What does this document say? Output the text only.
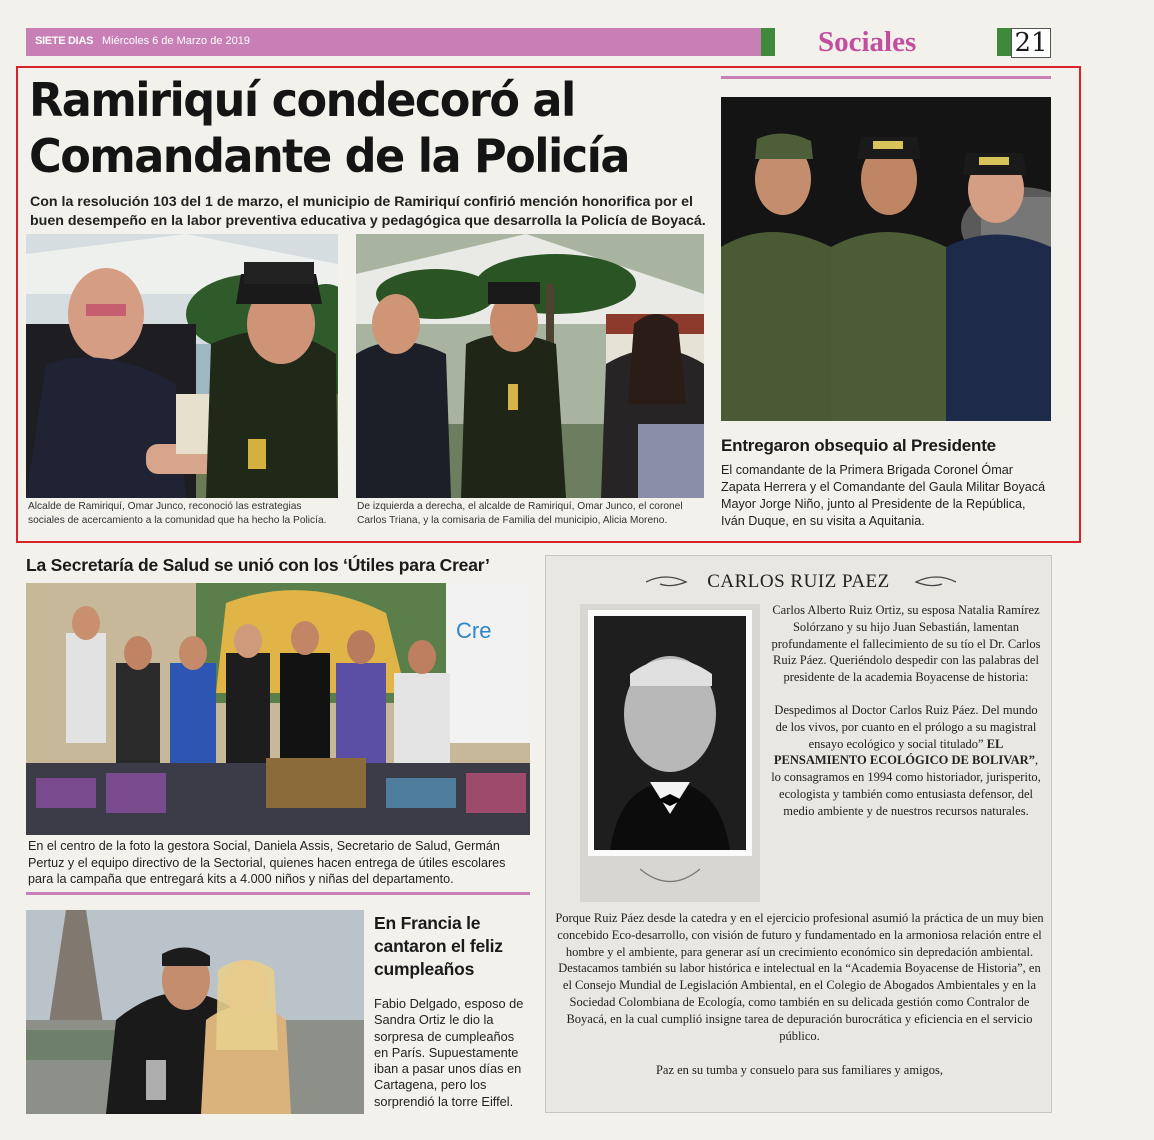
SIETE DIAS Miércoles 6 de Marzo de 2019	Sociales	21
Ramiriquí condecoró al
Comandante de la Policía
Con la resolución 103 del 1 de marzo, el municipio de Ramiriquí confirió mención honorifica por el buen desempeño en la labor preventiva educativa y pedagógica que desarrolla la Policía de Boyacá.
Alcalde de Ramiriquí, Omar Junco, reconoció las estrategias sociales de acercamiento a la comunidad que ha hecho la Policía.
De izquierda a derecha, el alcalde de Ramiriquí, Omar Junco, el coronel Carlos Triana, y la comisaria de Familia del municipio, Alicia Moreno.
Entregaron obsequio al Presidente
El comandante de la Primera Brigada Coronel Ómar Zapata Herrera y el Comandante del Gaula Militar Boyacá Mayor Jorge Niño, junto al Presidente de la República, Iván Duque, en su visita a Aquitania.
La Secretaría de Salud se unió con los ‘Útiles para Crear’
Cre
En el centro de la foto la gestora Social, Daniela Assis, Secretario de Salud, Germán Pertuz y el equipo directivo de la Sectorial, quienes hacen entrega de útiles escolares para la campaña que entregará kits a 4.000 niños y niñas del departamento.
En Francia le cantaron el feliz cumpleaños
Fabio Delgado, esposo de Sandra Ortiz le dio la sorpresa de cumpleaños en París. Supuestamente iban a pasar unos días en Cartagena, pero los sorprendió la torre Eiffel.
CARLOS RUIZ PAEZ

Carlos Alberto Ruiz Ortiz, su esposa Natalia Ramírez Solórzano y su hijo Juan Sebastián, lamentan profundamente el fallecimiento de su tío el Dr. Carlos Ruiz Páez. Queriéndolo despedir con las palabras del presidente de la academia Boyacense de historia:

Despedimos al Doctor Carlos Ruiz Páez. Del mundo de los vivos, por cuanto en el prólogo a su magistral ensayo ecológico y social titulado” EL PENSAMIENTO ECOLÓGICO DE BOLIVAR”, lo consagramos en 1994 como historiador, jurisperito, ecologista y también como entusiasta defensor, del medio ambiente y de nuestros recursos naturales.

Porque Ruiz Páez desde la catedra y en el ejercicio profesional asumió la práctica de un muy bien concebido Eco-desarrollo, con visión de futuro y fundamentado en la armoniosa relación entre el hombre y el ambiente, para generar así un crecimiento económico sin depredación ambiental.

Destacamos también su labor histórica e intelectual en la “Academia Boyacense de Historia”, en el Consejo Mundial de Legislación Ambiental, en el Colegio de Abogados Ambientales y en la Sociedad Colombiana de Ecología, como también en su delicada gestión como Contralor de Boyacá, en la cual cumplió insigne tarea de depuración burocrática y eficiencia en el servicio público.

Paz en su tumba y consuelo para sus familiares y amigos,
